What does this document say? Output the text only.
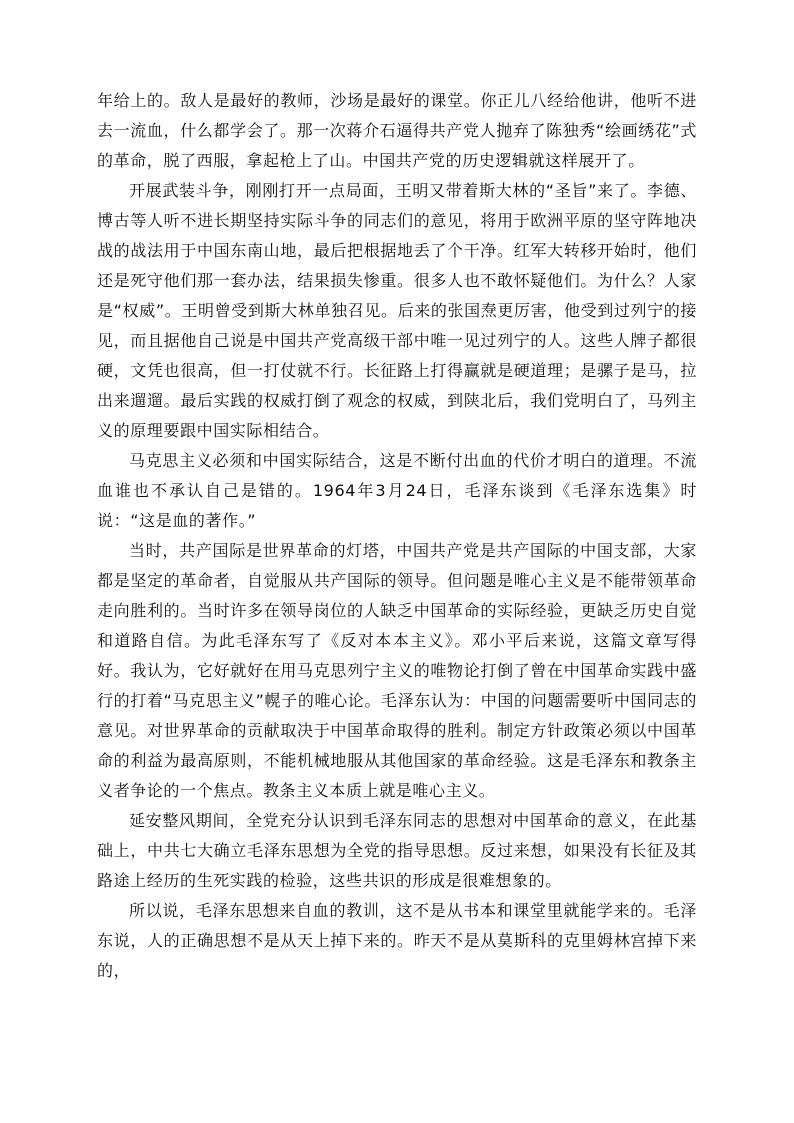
年给上的。敌人是最好的教师，沙场是最好的课堂。你正儿八经给他讲，他听不进去一流血，什么都学会了。那一次蒋介石逼得共产党人抛弃了陈独秀“绘画绣花”式的革命，脱了西服，拿起枪上了山。中国共产党的历史逻辑就这样展开了。

开展武装斗争，刚刚打开一点局面，王明又带着斯大林的“圣旨”来了。李德、博古等人听不进长期坚持实际斗争的同志们的意见，将用于欧洲平原的坚守阵地决战的战法用于中国东南山地，最后把根据地丢了个干净。红军大转移开始时，他们还是死守他们那一套办法，结果损失惨重。很多人也不敢怀疑他们。为什么？人家是“权威”。王明曾受到斯大林单独召见。后来的张国焘更厉害，他受到过列宁的接见，而且据他自己说是中国共产党高级干部中唯一见过列宁的人。这些人牌子都很硬，文凭也很高，但一打仗就不行。长征路上打得赢就是硬道理；是骡子是马，拉出来遛遛。最后实践的权威打倒了观念的权威，到陕北后，我们党明白了，马列主义的原理要跟中国实际相结合。

马克思主义必须和中国实际结合，这是不断付出血的代价才明白的道理。不流血谁也不承认自己是错的。1964年3月24日，毛泽东谈到《毛泽东选集》时说：“这是血的著作。”

当时，共产国际是世界革命的灯塔，中国共产党是共产国际的中国支部，大家都是坚定的革命者，自觉服从共产国际的领导。但问题是唯心主义是不能带领革命走向胜利的。当时许多在领导岗位的人缺乏中国革命的实际经验，更缺乏历史自觉和道路自信。为此毛泽东写了《反对本本主义》。邓小平后来说，这篇文章写得好。我认为，它好就好在用马克思列宁主义的唯物论打倒了曾在中国革命实践中盛行的打着“马克思主义”幌子的唯心论。毛泽东认为：中国的问题需要听中国同志的意见。对世界革命的贡献取决于中国革命取得的胜利。制定方针政策必须以中国革命的利益为最高原则，不能机械地服从其他国家的革命经验。这是毛泽东和教条主义者争论的一个焦点。教条主义本质上就是唯心主义。

延安整风期间，全党充分认识到毛泽东同志的思想对中国革命的意义，在此基础上，中共七大确立毛泽东思想为全党的指导思想。反过来想，如果没有长征及其路途上经历的生死实践的检验，这些共识的形成是很难想象的。

所以说，毛泽东思想来自血的教训，这不是从书本和课堂里就能学来的。毛泽东说，人的正确思想不是从天上掉下来的。昨天不是从莫斯科的克里姆林宫掉下来的，
